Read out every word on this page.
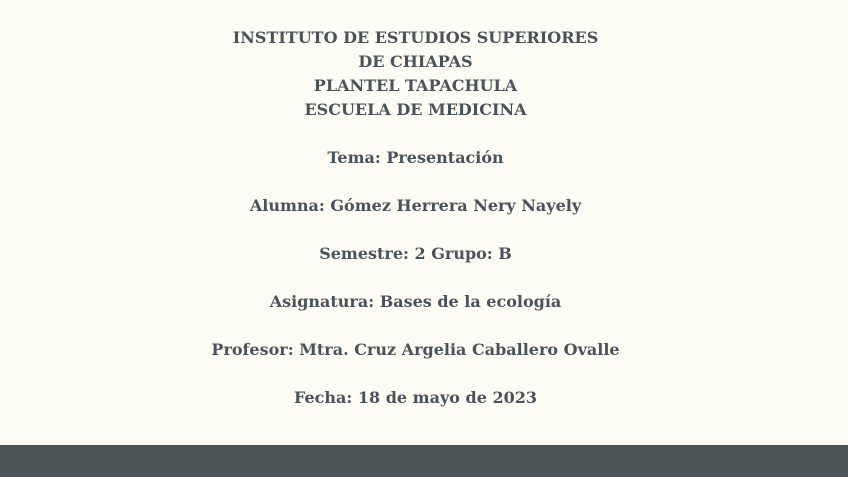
INSTITUTO DE ESTUDIOS SUPERIORES
DE CHIAPAS
PLANTEL TAPACHULA
ESCUELA DE MEDICINA
Tema: Presentación
Alumna: Gómez Herrera Nery Nayely
Semestre: 2 Grupo: B
Asignatura: Bases de la ecología
Profesor: Mtra. Cruz Argelia Caballero Ovalle
Fecha: 18 de mayo de 2023
